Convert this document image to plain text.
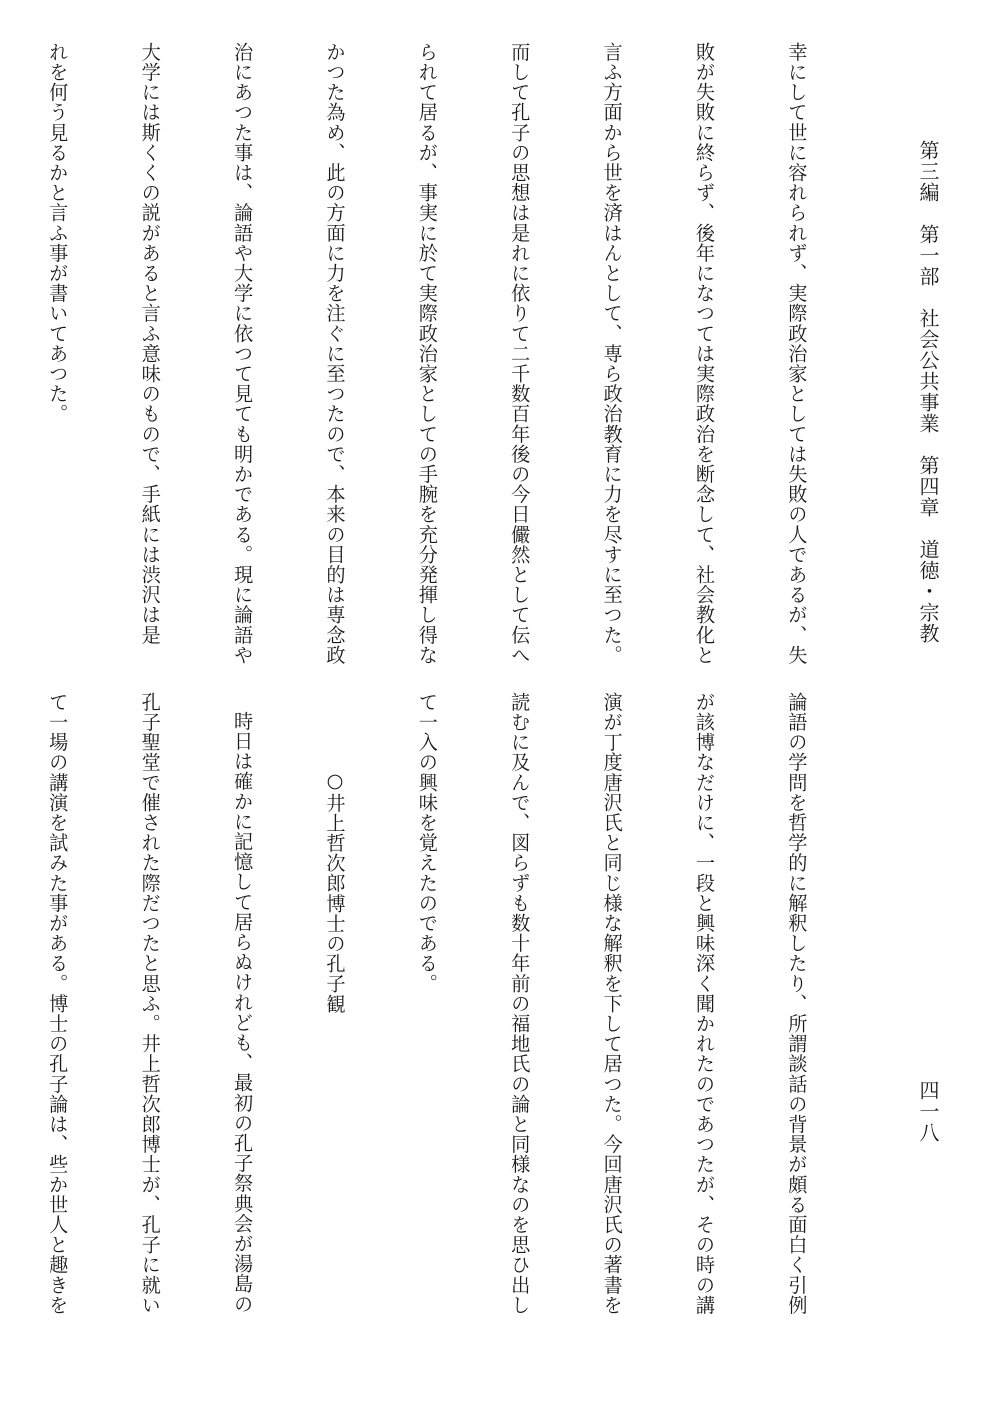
第三編　第一部　社会公共事業　第四章　道徳・宗教
四一八

幸にして世に容れられず、実際政治家としては失敗の人であるが、失

敗が失敗に終らず、後年になつては実際政治を断念して、社会教化と

言ふ方面から世を済はんとして、専ら政治教育に力を尽すに至つた。

而して孔子の思想は是れに依りて二千数百年後の今日儼然として伝へ

られて居るが、事実に於て実際政治家としての手腕を充分発揮し得な

かつた為め、此の方面に力を注ぐに至つたので、本来の目的は専念政

治にあつた事は、論語や大学に依つて見ても明かである。現に論語や

大学には斯くくの説があると言ふ意味のもので、手紙には渋沢は是

れを何う見るかと言ふ事が書いてあつた。

論語の学問を哲学的に解釈したり、所謂談話の背景が頗る面白く引例

が該博なだけに、一段と興味深く聞かれたのであつたが、その時の講

演が丁度唐沢氏と同じ様な解釈を下して居つた。今回唐沢氏の著書を

読むに及んで、図らずも数十年前の福地氏の論と同様なのを思ひ出し

て一入の興味を覚えたのである。

○井上哲次郎博士の孔子観

時日は確かに記憶して居らぬけれども、最初の孔子祭典会が湯島の

孔子聖堂で催された際だつたと思ふ。井上哲次郎博士が、孔子に就い

て一場の講演を試みた事がある。博士の孔子論は、些か世人と趣きを
